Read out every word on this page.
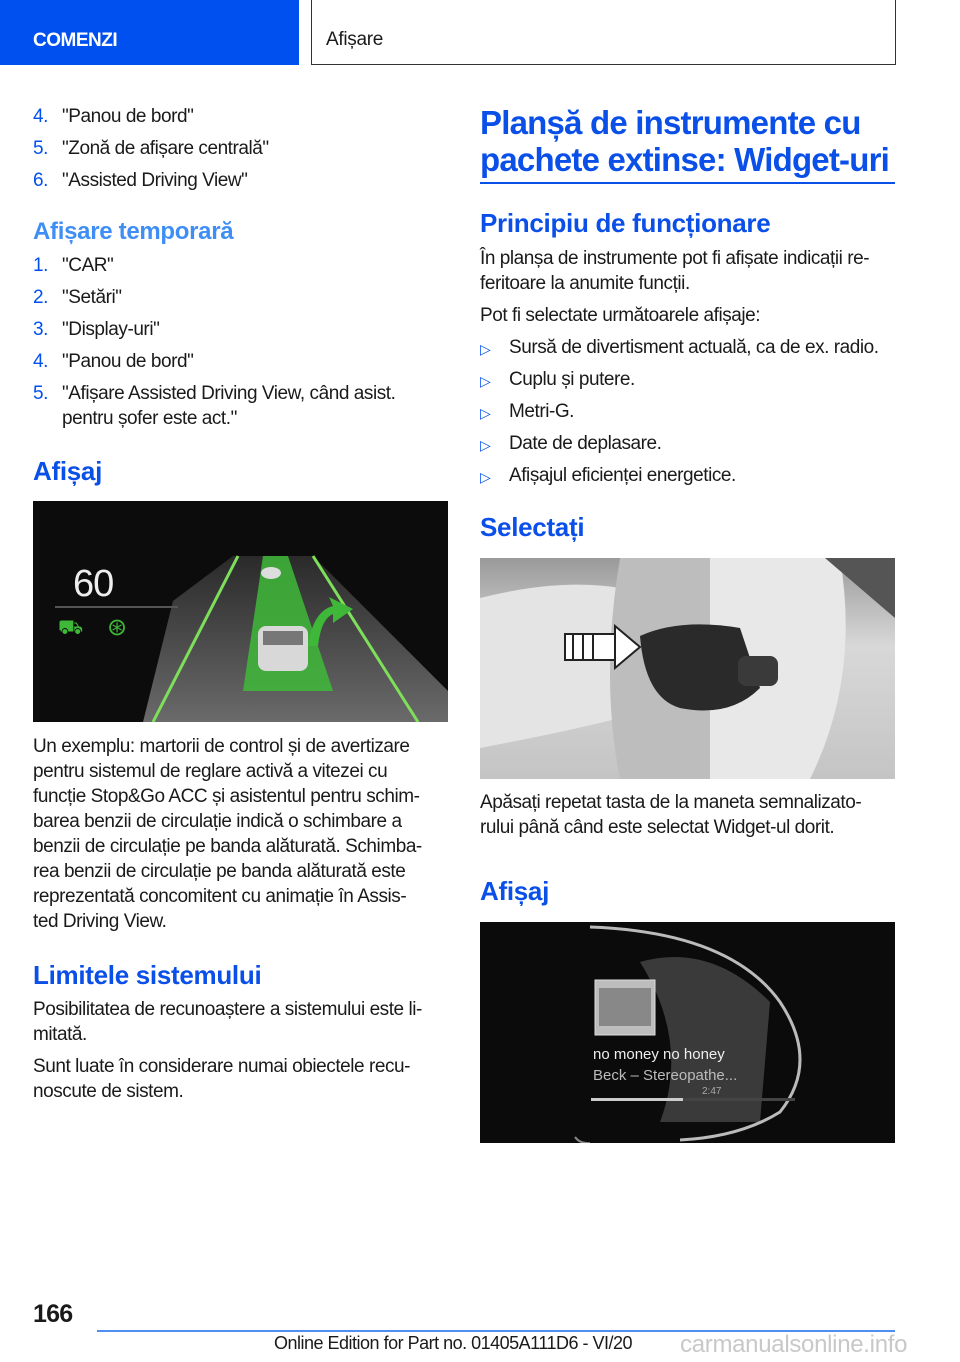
COMENZI	Afișare
4. "Panou de bord"
5. "Zonă de afișare centrală"
6. "Assisted Driving View"
Afișare temporară
1. "CAR"
2. "Setări"
3. "Display-uri"
4. "Panou de bord"
5. "Afișare Assisted Driving View, când asist.
pentru șofer este act."
Afișaj
60
⛟ ⊛
Un exemplu: martorii de control și de avertizare
pentru sistemul de reglare activă a vitezei cu
funcție Stop&Go ACC și asistentul pentru schim-
barea benzii de circulație indică o schimbare a
benzii de circulație pe banda alăturată. Schimba-
rea benzii de circulație pe banda alăturată este
reprezentată concomitent cu animație în Assis-
ted Driving View.
Limitele sistemului
Posibilitatea de recunoaștere a sistemului este li-
mitată.
Sunt luate în considerare numai obiectele recu-
noscute de sistem.
Planșă de instrumente cu
pachete extinse: Widget-uri
Principiu de funcționare
În planșa de instrumente pot fi afișate indicații re-
feritoare la anumite funcții.
Pot fi selectate următoarele afișaje:
▷ Sursă de divertisment actuală, ca de ex. radio.
▷ Cuplu și putere.
▷ Metri-G.
▷ Date de deplasare.
▷ Afișajul eficienței energetice.
Selectați
Apăsați repetat tasta de la maneta semnalizato-
rului până când este selectat Widget-ul dorit.
Afișaj
no money no honey
Beck – Stereopathe...
2:47
166
Online Edition for Part no. 01405A111D6 - VI/20 carmanualsonline.info
